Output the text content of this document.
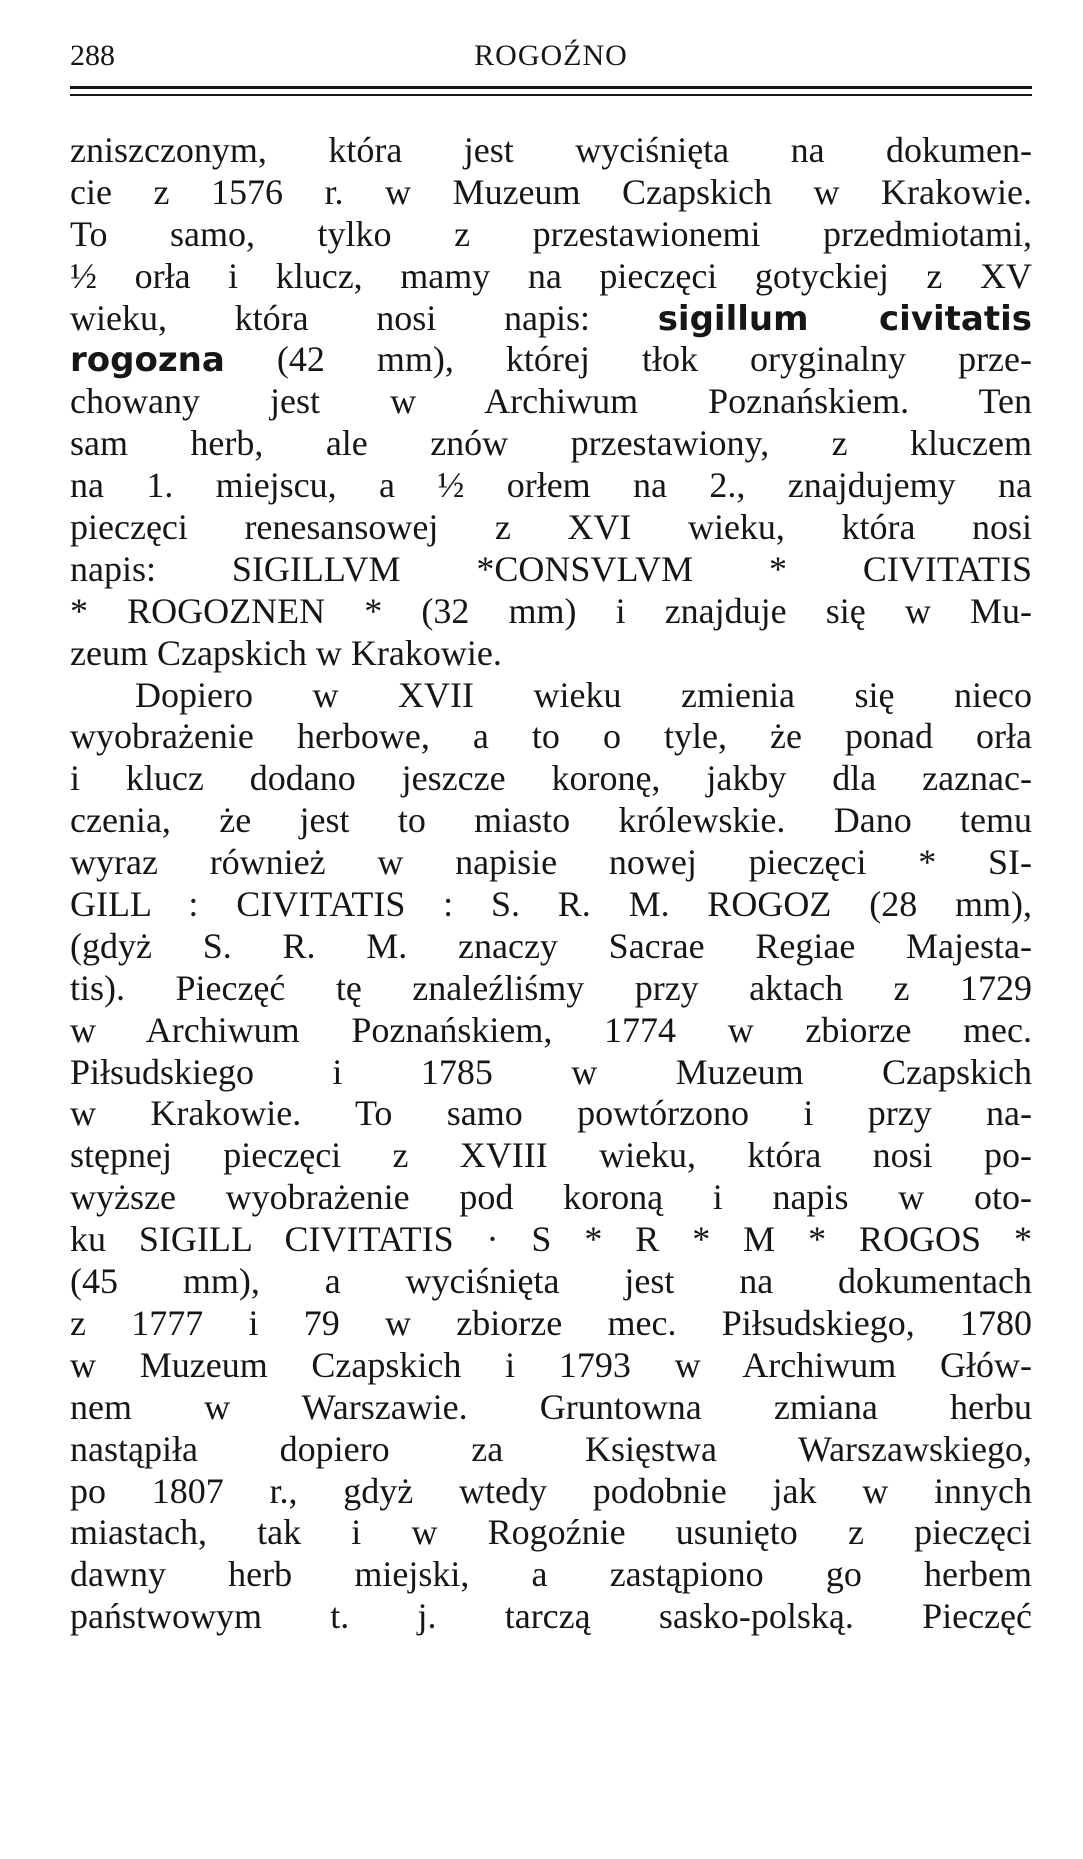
288	ROGOŹNO
zniszczonym, która jest wyciśnięta na dokumen-
cie z 1576 r. w Muzeum Czapskich w Krakowie.
To samo, tylko z przestawionemi przedmiotami,
½ orła i klucz, mamy na pieczęci gotyckiej z XV
wieku, która nosi napis: sigillum civitatis
rogozna (42 mm), której tłok oryginalny prze-
chowany jest w Archiwum Poznańskiem. Ten
sam herb, ale znów przestawiony, z kluczem
na 1. miejscu, a ½ orłem na 2., znajdujemy na
pieczęci renesansowej z XVI wieku, która nosi
napis: SIGILLVM *CONSVLVM * CIVITATIS
* ROGOZNEN * (32 mm) i znajduje się w Mu-
zeum Czapskich w Krakowie.
Dopiero w XVII wieku zmienia się nieco
wyobrażenie herbowe, a to o tyle, że ponad orła
i klucz dodano jeszcze koronę, jakby dla zaznac-
czenia, że jest to miasto królewskie. Dano temu
wyraz również w napisie nowej pieczęci * SI-
GILL : CIVITATIS : S. R. M. ROGOZ (28 mm),
(gdyż S. R. M. znaczy Sacrae Regiae Majesta-
tis). Pieczęć tę znaleźliśmy przy aktach z 1729
w Archiwum Poznańskiem, 1774 w zbiorze mec.
Piłsudskiego i 1785 w Muzeum Czapskich
w Krakowie. To samo powtórzono i przy na-
stępnej pieczęci z XVIII wieku, która nosi po-
wyższe wyobrażenie pod koroną i napis w oto-
ku SIGILL CIVITATIS · S * R * M * ROGOS *
(45 mm), a wyciśnięta jest na dokumentach
z 1777 i 79 w zbiorze mec. Piłsudskiego, 1780
w Muzeum Czapskich i 1793 w Archiwum Głów-
nem w Warszawie. Gruntowna zmiana herbu
nastąpiła dopiero za Księstwa Warszawskiego,
po 1807 r., gdyż wtedy podobnie jak w innych
miastach, tak i w Rogoźnie usunięto z pieczęci
dawny herb miejski, a zastąpiono go herbem
państwowym t. j. tarczą sasko-polską. Pieczęć
